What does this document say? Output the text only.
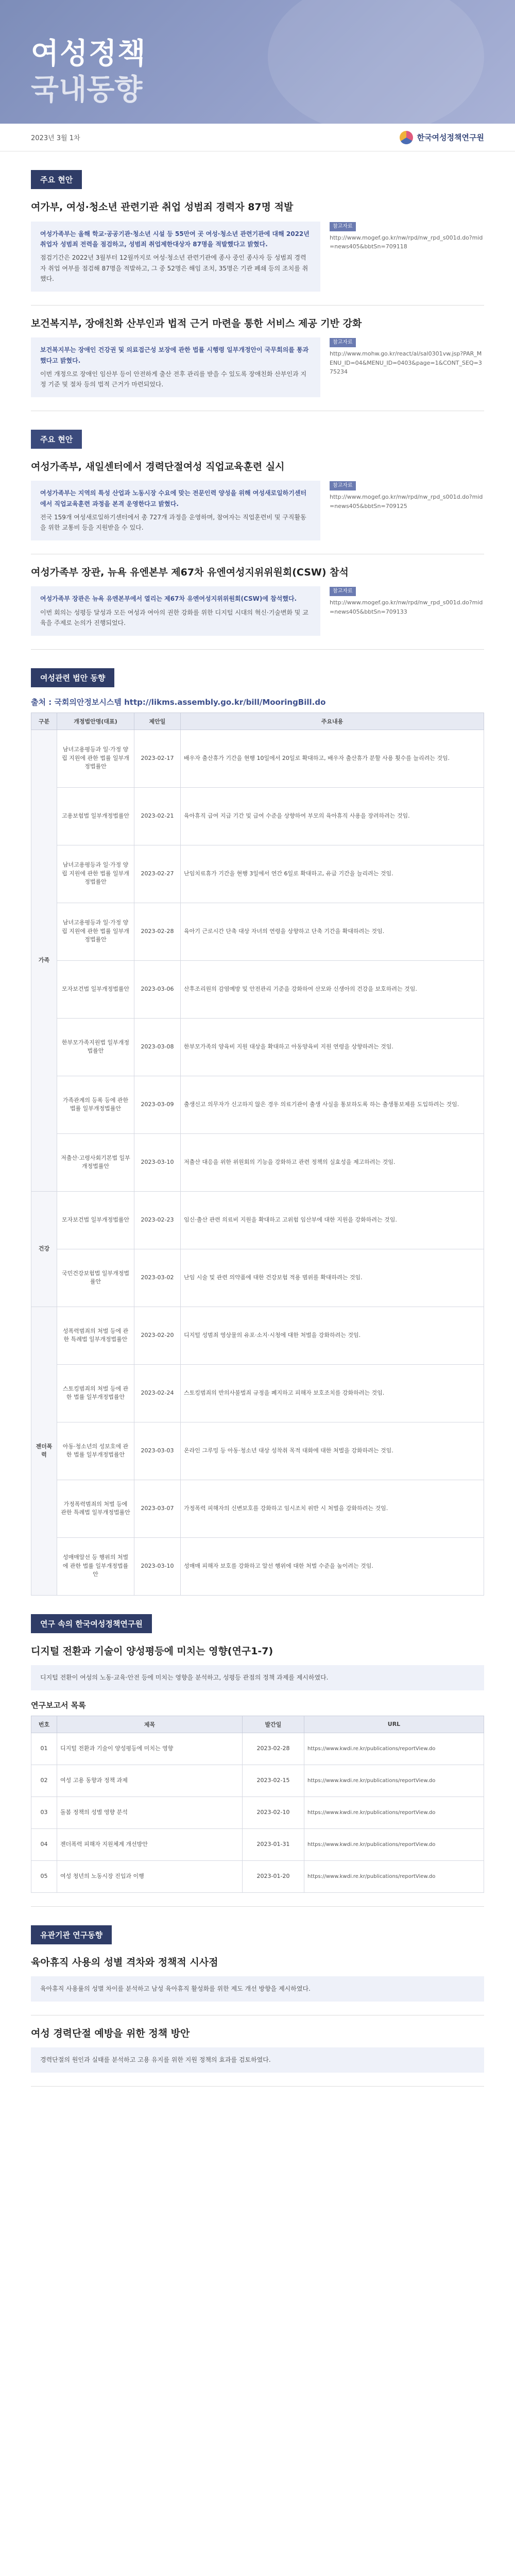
여성정책
국내동향
2023년 3월 1차	한국여성정책연구원
주요 현안
여가부, 여성·청소년 관련기관 취업 성범죄 경력자 87명 적발
여성가족부는 올해 학교·공공기관·청소년 시설 등 55만여 곳 여성·청소년 관련기관에 대해 2022년 취업자 성범죄 전력을 점검하고, 성범죄 취업제한대상자 87명을 적발했다고 밝혔다.
점검기간은 2022년 3월부터 12월까지로 여성·청소년 관련기관에 종사 중인 종사자 등 성범죄 경력자 취업 여부를 점검해 87명을 적발하고, 그 중 52명은 해임 조치, 35명은 기관 폐쇄 등의 조치를 취했다.
참고자료
http://www.mogef.go.kr/nw/rpd/nw_rpd_s001d.do?mid=news405&bbtSn=709118
보건복지부, 장애친화 산부인과 법적 근거 마련을 통한 서비스 제공 기반 강화
보건복지부는 장애인 건강권 및 의료접근성 보장에 관한 법률 시행령 일부개정안이 국무회의를 통과했다고 밝혔다.
이번 개정으로 장애인 임산부 등이 안전하게 출산 전후 관리를 받을 수 있도록 장애친화 산부인과 지정 기준 및 절차 등의 법적 근거가 마련되었다.
참고자료
http://www.mohw.go.kr/react/al/sal0301vw.jsp?PAR_MENU_ID=04&MENU_ID=0403&page=1&CONT_SEQ=375234
주요 현안
여성가족부, 새일센터에서 경력단절여성 직업교육훈련 실시
여성가족부는 지역의 특성 산업과 노동시장 수요에 맞는 전문인력 양성을 위해 여성새로일하기센터에서 직업교육훈련 과정을 본격 운영한다고 밝혔다.
전국 159개 여성새로일하기센터에서 총 727개 과정을 운영하며, 참여자는 직업훈련비 및 구직활동을 위한 교통비 등을 지원받을 수 있다.
참고자료
http://www.mogef.go.kr/nw/rpd/nw_rpd_s001d.do?mid=news405&bbtSn=709125
여성가족부 장관, 뉴욕 유엔본부 제67차 유엔여성지위위원회(CSW) 참석
여성가족부 장관은 뉴욕 유엔본부에서 열리는 제67차 유엔여성지위위원회(CSW)에 참석했다.
이번 회의는 성평등 달성과 모든 여성과 여아의 권한 강화를 위한 디지털 시대의 혁신·기술변화 및 교육을 주제로 논의가 진행되었다.
참고자료
http://www.mogef.go.kr/nw/rpd/nw_rpd_s001d.do?mid=news405&bbtSn=709133
여성관련 법안 동향
출처 : 국회의안정보시스템 http://likms.assembly.go.kr/bill/MooringBill.do
구분	개정법안명(대표)	제안일	주요내용
가족	남녀고용평등과 일·가정 양립 지원에 관한 법률 일부개정법률안	2023-02-17	배우자 출산휴가 기간을 현행 10일에서 20일로 확대하고, 배우자 출산휴가 분할 사용 횟수를 늘리려는 것임.
	고용보험법 일부개정법률안	2023-02-21	육아휴직 급여 지급 기간 및 급여 수준을 상향하여 부모의 육아휴직 사용을 장려하려는 것임.
	남녀고용평등과 일·가정 양립 지원에 관한 법률 일부개정법률안	2023-02-27	난임치료휴가 기간을 현행 3일에서 연간 6일로 확대하고, 유급 기간을 늘리려는 것임.
	남녀고용평등과 일·가정 양립 지원에 관한 법률 일부개정법률안	2023-02-28	육아기 근로시간 단축 대상 자녀의 연령을 상향하고 단축 기간을 확대하려는 것임.
	모자보건법 일부개정법률안	2023-03-06	산후조리원의 감염예방 및 안전관리 기준을 강화하여 산모와 신생아의 건강을 보호하려는 것임.
	한부모가족지원법 일부개정법률안	2023-03-08	한부모가족의 양육비 지원 대상을 확대하고 아동양육비 지원 연령을 상향하려는 것임.
	가족관계의 등록 등에 관한 법률 일부개정법률안	2023-03-09	출생신고 의무자가 신고하지 않은 경우 의료기관이 출생 사실을 통보하도록 하는 출생통보제를 도입하려는 것임.
	저출산·고령사회기본법 일부개정법률안	2023-03-10	저출산 대응을 위한 위원회의 기능을 강화하고 관련 정책의 실효성을 제고하려는 것임.
건강	모자보건법 일부개정법률안	2023-02-23	임신·출산 관련 의료비 지원을 확대하고 고위험 임산부에 대한 지원을 강화하려는 것임.
	국민건강보험법 일부개정법률안	2023-03-02	난임 시술 및 관련 의약품에 대한 건강보험 적용 범위를 확대하려는 것임.
젠더폭력	성폭력범죄의 처벌 등에 관한 특례법 일부개정법률안	2023-02-20	디지털 성범죄 영상물의 유포·소지·시청에 대한 처벌을 강화하려는 것임.
	스토킹범죄의 처벌 등에 관한 법률 일부개정법률안	2023-02-24	스토킹범죄의 반의사불벌죄 규정을 폐지하고 피해자 보호조치를 강화하려는 것임.
	아동·청소년의 성보호에 관한 법률 일부개정법률안	2023-03-03	온라인 그루밍 등 아동·청소년 대상 성착취 목적 대화에 대한 처벌을 강화하려는 것임.
	가정폭력범죄의 처벌 등에 관한 특례법 일부개정법률안	2023-03-07	가정폭력 피해자의 신변보호를 강화하고 임시조치 위반 시 처벌을 강화하려는 것임.
	성매매알선 등 행위의 처벌에 관한 법률 일부개정법률안	2023-03-10	성매매 피해자 보호를 강화하고 알선 행위에 대한 처벌 수준을 높이려는 것임.
연구 속의 한국여성정책연구원
디지털 전환과 기술이 양성평등에 미치는 영향(연구1-7)
디지털 전환이 여성의 노동·교육·안전 등에 미치는 영향을 분석하고, 성평등 관점의 정책 과제를 제시하였다.
연구보고서 목록
번호	제목	발간일	URL
01	디지털 전환과 기술이 양성평등에 미치는 영향	2023-02-28	https://www.kwdi.re.kr/publications/reportView.do
02	여성 고용 동향과 정책 과제	2023-02-15	https://www.kwdi.re.kr/publications/reportView.do
03	돌봄 정책의 성별 영향 분석	2023-02-10	https://www.kwdi.re.kr/publications/reportView.do
04	젠더폭력 피해자 지원체계 개선방안	2023-01-31	https://www.kwdi.re.kr/publications/reportView.do
05	여성 청년의 노동시장 진입과 이행	2023-01-20	https://www.kwdi.re.kr/publications/reportView.do
유관기관 연구동향
육아휴직 사용의 성별 격차와 정책적 시사점
육아휴직 사용률의 성별 차이를 분석하고 남성 육아휴직 활성화를 위한 제도 개선 방향을 제시하였다.
여성 경력단절 예방을 위한 정책 방안
경력단절의 원인과 실태를 분석하고 고용 유지를 위한 지원 정책의 효과를 검토하였다.
